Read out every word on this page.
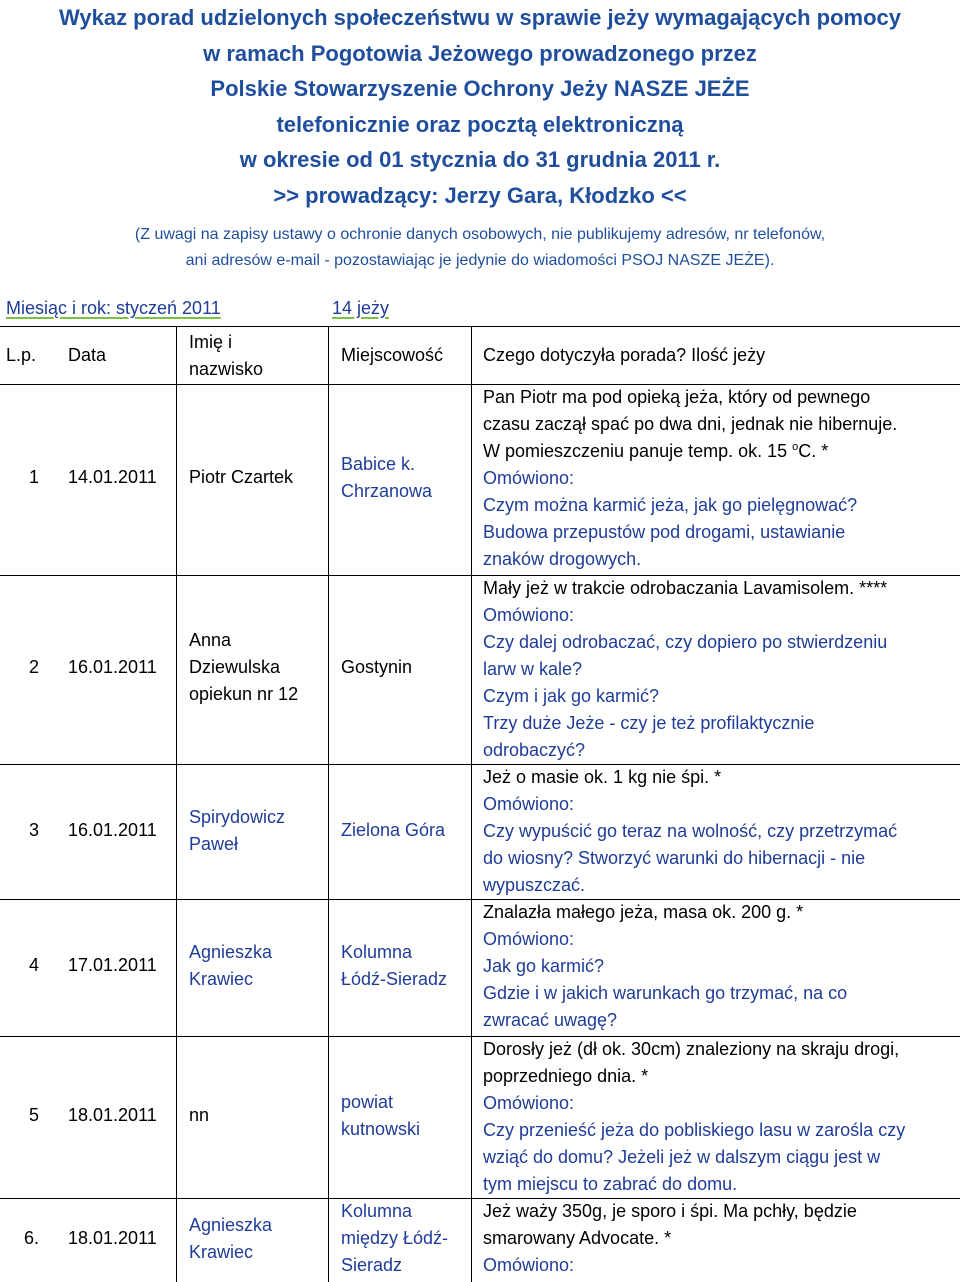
Wykaz porad udzielonych społeczeństwu w sprawie jeży wymagających pomocy
w ramach Pogotowia Jeżowego prowadzonego przez
Polskie Stowarzyszenie Ochrony Jeży NASZE JEŻE
telefonicznie oraz pocztą elektroniczną
w okresie od 01 stycznia do 31 grudnia 2011 r.
>> prowadzący: Jerzy Gara, Kłodzko <<
(Z uwagi na zapisy ustawy o ochronie danych osobowych, nie publikujemy adresów, nr telefonów,
ani adresów e-mail - pozostawiając je jedynie do wiadomości PSOJ NASZE JEŻE).
Miesiąc i rok: styczeń 2011	14 jeży
L.p. Data
Imię i
nazwisko
Miejscowość Czego dotyczyła porada? Ilość jeży
1 14.01.2011 Piotr Czartek
Babice k.
Chrzanowa
Pan Piotr ma pod opieką jeża, który od pewnego
czasu zaczął spać po dwa dni, jednak nie hibernuje.
W pomieszczeniu panuje temp. ok. 15 $^o$C. *
Omówiono:
Czym można karmić jeża, jak go pielęgnować?
Budowa przepustów pod drogami, ustawianie
znaków drogowych.
2 16.01.2011
Anna
Dziewulska
opiekun nr 12
Gostynin
Mały jeż w trakcie odrobaczania Lavamisolem. ****
Omówiono:
Czy dalej odrobaczać, czy dopiero po stwierdzeniu
larw w kale?
Czym i jak go karmić?
Trzy duże Jeże - czy je też profilaktycznie
odrobaczyć?
3 16.01.2011
Spirydowicz
Paweł
Zielona Góra
Jeż o masie ok. 1 kg nie śpi. *
Omówiono:
Czy wypuścić go teraz na wolność, czy przetrzymać
do wiosny? Stworzyć warunki do hibernacji - nie
wypuszczać.
4 17.01.2011
Agnieszka
Krawiec
Kolumna
Łódź-Sieradz
Znalazła małego jeża, masa ok. 200 g. *
Omówiono:
Jak go karmić?
Gdzie i w jakich warunkach go trzymać, na co
zwracać uwagę?
5 18.01.2011 nn
powiat
kutnowski
Dorosły jeż (dł ok. 30cm) znaleziony na skraju drogi,
poprzedniego dnia. *
Omówiono:
Czy przenieść jeża do pobliskiego lasu w zarośla czy
wziąć do domu? Jeżeli jeż w dalszym ciągu jest w
tym miejscu to zabrać do domu.
6. 18.01.2011
Agnieszka
Krawiec
Kolumna
między Łódź-
Sieradz
Jeż waży 350g, je sporo i śpi. Ma pchły, będzie
smarowany Advocate. *
Omówiono:
